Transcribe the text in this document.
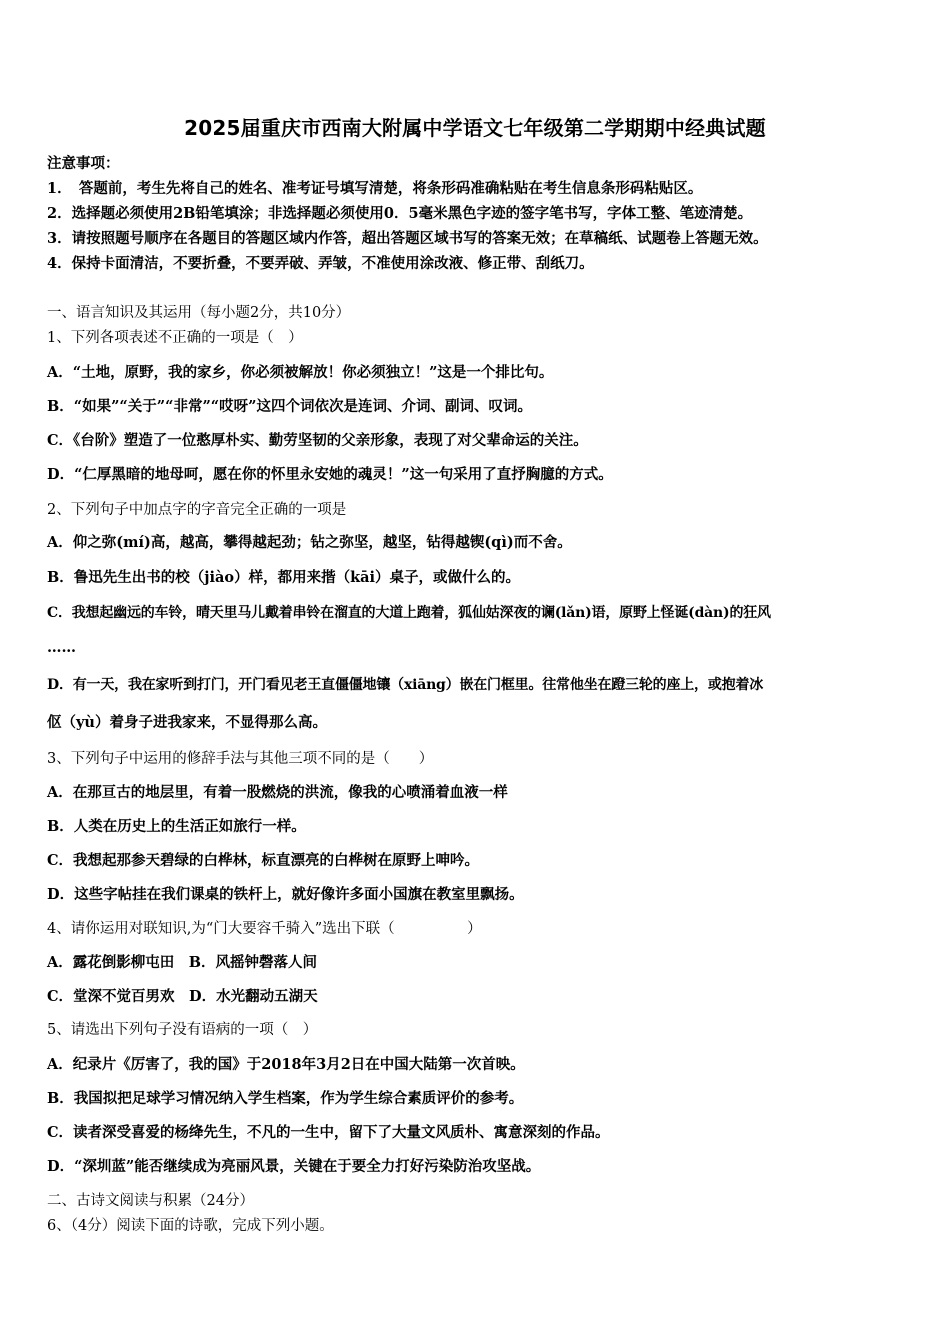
2025届重庆市西南大附属中学语文七年级第二学期期中经典试题
注意事项：
1．　答题前，考生先将自己的姓名、准考证号填写清楚，将条形码准确粘贴在考生信息条形码粘贴区。
2．选择题必须使用2B铅笔填涂；非选择题必须使用0．5毫米黑色字迹的签字笔书写，字体工整、笔迹清楚。
3．请按照题号顺序在各题目的答题区域内作答，超出答题区域书写的答案无效；在草稿纸、试题卷上答题无效。
4．保持卡面清洁，不要折叠，不要弄破、弄皱，不准使用涂改液、修正带、刮纸刀。
一、语言知识及其运用（每小题2分，共10分）
1、下列各项表述不正确的一项是（　）
A．“土地，原野，我的家乡，你必须被解放！你必须独立！”这是一个排比句。
B．“如果”“关于”“非常”“哎呀”这四个词依次是连词、介词、副词、叹词。
C．《台阶》塑造了一位憨厚朴实、勤劳坚韧的父亲形象，表现了对父辈命运的关注。
D．“仁厚黑暗的地母呵，愿在你的怀里永安她的魂灵！”这一句采用了直抒胸臆的方式。
2、下列句子中加点字的字音完全正确的一项是
A．仰之弥(mí)高，越高，攀得越起劲；钻之弥坚，越坚，钻得越锲(qì)而不舍。
B．鲁迅先生出书的校（jiào）样，都用来揩（kāi）桌子，或做什么的。
C．我想起幽远的车铃，晴天里马儿戴着串铃在溜直的大道上跑着，狐仙姑深夜的谰(lǎn)语，原野上怪诞(dàn)的狂风
……
D．有一天，我在家听到打门，开门看见老王直僵僵地镶（xiāng）嵌在门框里。往常他坐在蹬三轮的座上，或抱着冰
伛（yù）着身子进我家来，不显得那么高。
3、下列句子中运用的修辞手法与其他三项不同的是（　　）
A．在那亘古的地层里，有着一股燃烧的洪流，像我的心喷涌着血液一样
B．人类在历史上的生活正如旅行一样。
C．我想起那参天碧绿的白桦林，标直漂亮的白桦树在原野上呻吟。
D．这些字帖挂在我们课桌的铁杆上，就好像许多面小国旗在教室里飘扬。
4、请你运用对联知识,为“门大要容千骑入”选出下联（　　　　　）
A．露花倒影柳屯田　B．风摇钟磬落人间
C．堂深不觉百男欢　D．水光翻动五湖天
5、请选出下列句子没有语病的一项（　）
A．纪录片《厉害了，我的国》于2018年3月2日在中国大陆第一次首映。
B．我国拟把足球学习情况纳入学生档案，作为学生综合素质评价的参考。
C．读者深受喜爱的杨绛先生，不凡的一生中，留下了大量文风质朴、寓意深刻的作品。
D．“深圳蓝”能否继续成为亮丽风景，关键在于要全力打好污染防治攻坚战。
二、古诗文阅读与积累（24分）
6、（4分）阅读下面的诗歌，完成下列小题。
